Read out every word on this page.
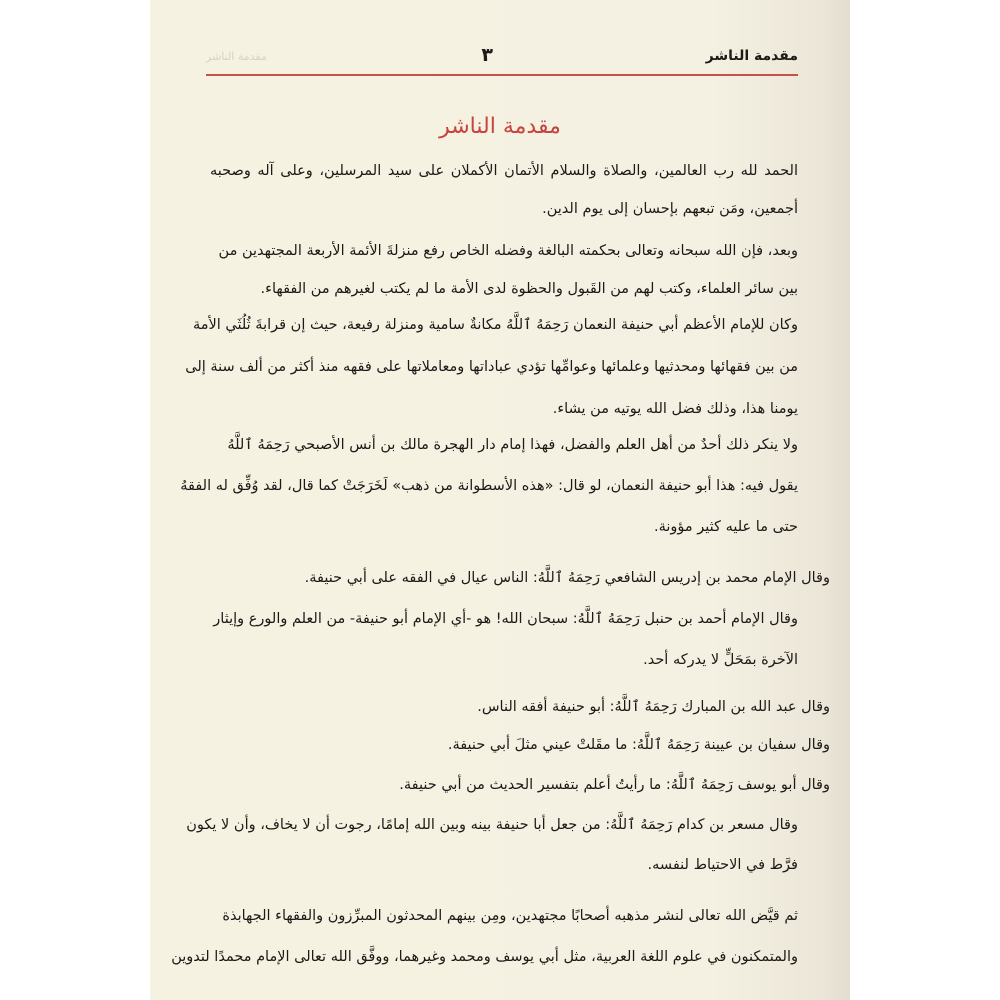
مقدمة الناشر
٣
مقدمة الناشر
مقدمة الناشر
الحمد لله رب العالمين، والصلاة والسلام الأتمان الأكملان على سيد المرسلين، وعلى آله وصحبه
أجمعين، ومَن تبعهم بإحسان إلى يوم الدين.
وبعد، فإن الله سبحانه وتعالى بحكمته البالغة وفضله الخاص رفع منزلةَ الأئمة الأربعة المجتهدين من
بين سائر العلماء، وكتب لهم من القَبول والحظوة لدى الأمة ما لم يكتب لغيرهم من الفقهاء.
وكان للإمام الأعظم أبي حنيفة النعمان رَحِمَهُ ٱللَّهُ مكانةٌ سامية ومنزلة رفيعة، حيث إن قرابةَ ثُلُثَي الأمة
من بين فقهائها ومحدثيها وعلمائها وعوامِّها تؤدي عباداتها ومعاملاتها على فقهه منذ أكثر من ألف سنة إلى
يومنا هذا، وذلك فضل الله يوتيه من يشاء.
ولا ينكر ذلك أحدٌ من أهل العلم والفضل، فهذا إمام دار الهجرة مالك بن أنس الأصبحي رَحِمَهُ ٱللَّهُ
يقول فيه: هذا أبو حنيفة النعمان، لو قال: «هذه الأسطوانة من ذهب» لَخَرَجَتْ كما قال، لقد وُفِّق له الفقهُ
حتى ما عليه كثير مؤونة.
وقال الإمام محمد بن إدريس الشافعي رَحِمَهُ ٱللَّهُ: الناس عيال في الفقه على أبي حنيفة.
وقال الإمام أحمد بن حنبل رَحِمَهُ ٱللَّهُ: سبحان الله! هو -أي الإمام أبو حنيفة- من العلم والورع وإيثار
الآخرة بمَحَلٍّ لا يدركه أحد.
وقال عبد الله بن المبارك رَحِمَهُ ٱللَّهُ: أبو حنيفة أفقه الناس.
وقال سفيان بن عيينة رَحِمَهُ ٱللَّهُ: ما مقَلتْ عيني مثلَ أبي حنيفة.
وقال أبو يوسف رَحِمَهُ ٱللَّهُ: ما رأيتُ أعلم بتفسير الحديث من أبي حنيفة.
وقال مسعر بن كدام رَحِمَهُ ٱللَّهُ: من جعل أبا حنيفة بينه وبين الله إمامًا، رجوت أن لا يخاف، وأن لا يكون
فرَّط في الاحتياط لنفسه.
ثم قيَّض الله تعالى لنشر مذهبه أصحابًا مجتهدين، ومِن بينهم المحدثون المبرِّزون والفقهاء الجهابذة
والمتمكنون في علوم اللغة العربية، مثل أبي يوسف ومحمد وغيرهما، ووفَّق الله تعالى الإمام محمدًا لتدوين
